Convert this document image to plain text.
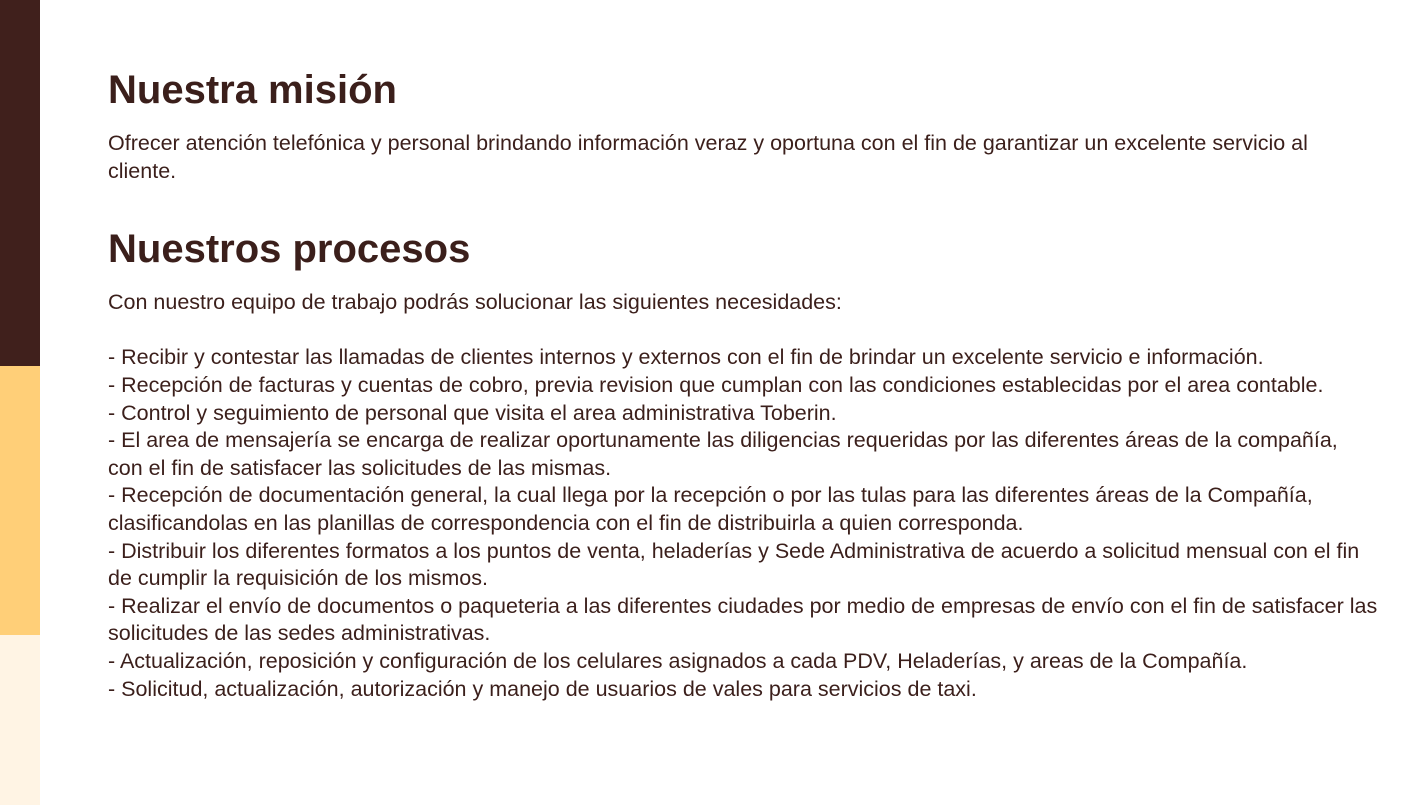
Nuestra misión

Ofrecer atención telefónica y personal brindando información veraz y oportuna con el fin de garantizar un excelente servicio al cliente.

Nuestros procesos

Con nuestro equipo de trabajo podrás solucionar las siguientes necesidades:

- Recibir y contestar las llamadas de clientes internos y externos con el fin de brindar un excelente servicio e información.
- Recepción de facturas y cuentas de cobro, previa revision que cumplan con las condiciones establecidas por el area contable.
- Control y seguimiento de personal que visita el area administrativa Toberin.
- El area de mensajería se encarga de realizar oportunamente las diligencias requeridas por las diferentes áreas de la compañía, con el fin de satisfacer las solicitudes de las mismas.
- Recepción de documentación general, la cual llega por la recepción o por las tulas para las diferentes áreas de la Compañía, clasificandolas en las planillas de correspondencia con el fin de distribuirla a quien corresponda.
- Distribuir los diferentes formatos a los puntos de venta, heladerías y Sede Administrativa de acuerdo a solicitud mensual con el fin de cumplir la requisición de los mismos.
- Realizar el envío de documentos o paqueteria a las diferentes ciudades por medio de empresas de envío con el fin de satisfacer las solicitudes de las sedes administrativas.
- Actualización, reposición y configuración de los celulares asignados a cada PDV, Heladerías, y areas de la Compañía.
- Solicitud, actualización, autorización y manejo de usuarios de vales para servicios de taxi.
